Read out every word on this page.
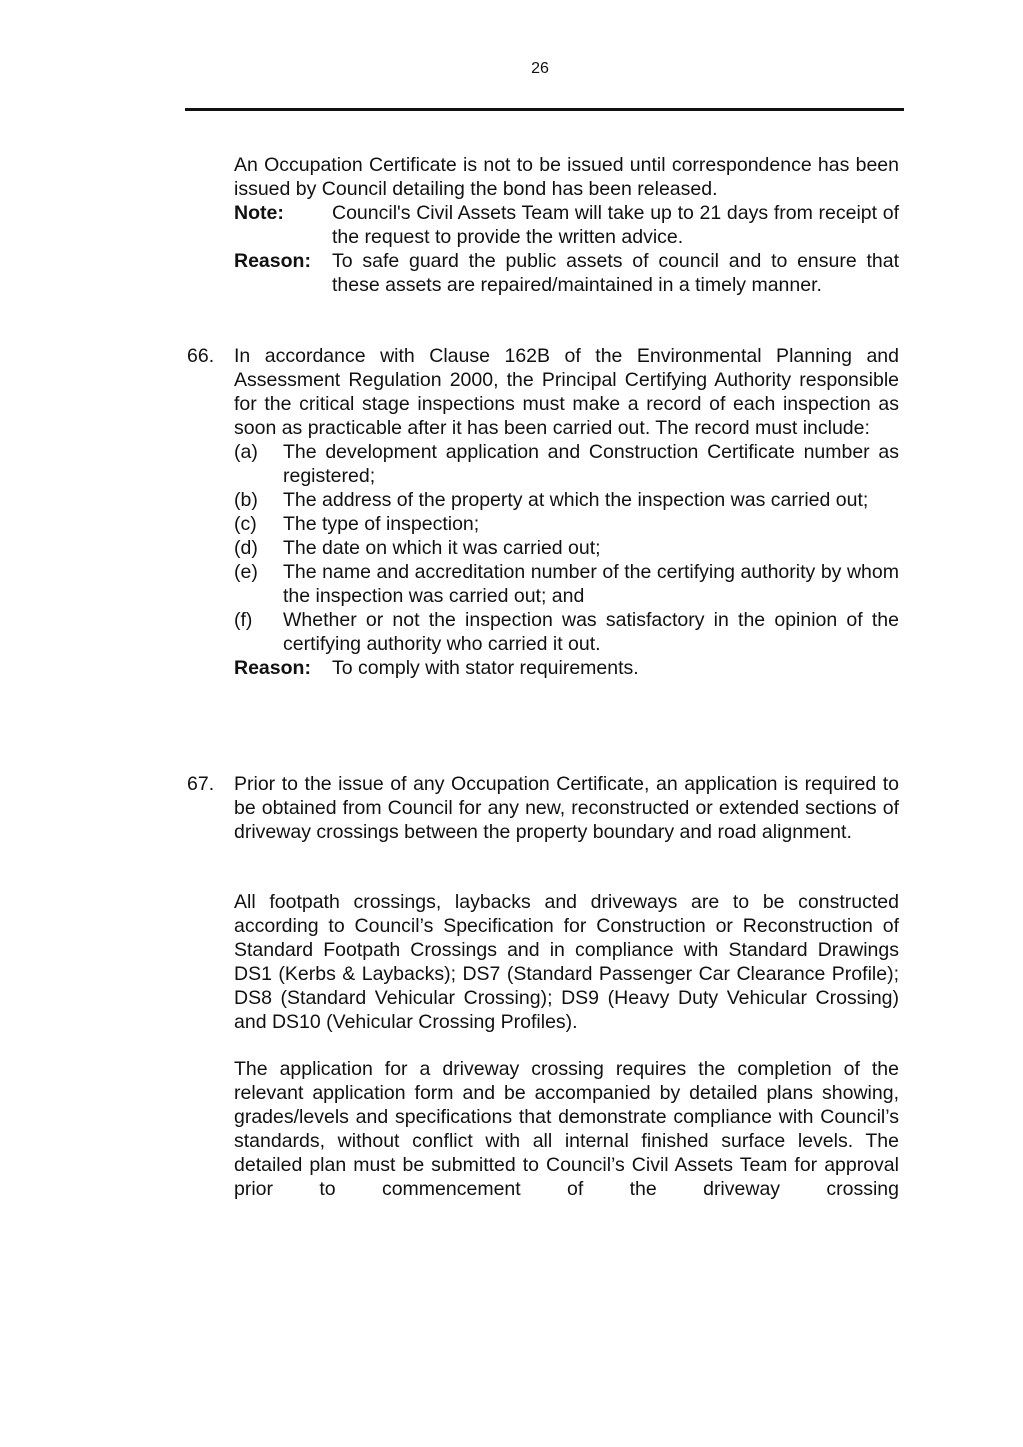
26

An Occupation Certificate is not to be issued until correspondence has been issued by Council detailing the bond has been released.

Note:	Council's Civil Assets Team will take up to 21 days from receipt of the request to provide the written advice.
Reason:	To safe guard the public assets of council and to ensure that these assets are repaired/maintained in a timely manner.
66. In accordance with Clause 162B of the Environmental Planning and Assessment Regulation 2000, the Principal Certifying Authority responsible for the critical stage inspections must make a record of each inspection as soon as practicable after it has been carried out. The record must include:

(a)	The development application and Construction Certificate number as registered;
(b)	The address of the property at which the inspection was carried out;
(c)	The type of inspection;
(d)	The date on which it was carried out;
(e)	The name and accreditation number of the certifying authority by whom the inspection was carried out; and
(f)	Whether or not the inspection was satisfactory in the opinion of the certifying authority who carried it out.
Reason:	To comply with stator requirements.
67. Prior to the issue of any Occupation Certificate, an application is required to be obtained from Council for any new, reconstructed or extended sections of driveway crossings between the property boundary and road alignment.

All footpath crossings, laybacks and driveways are to be constructed according to Council’s Specification for Construction or Reconstruction of Standard Footpath Crossings and in compliance with Standard Drawings DS1 (Kerbs & Laybacks); DS7 (Standard Passenger Car Clearance Profile); DS8 (Standard Vehicular Crossing); DS9 (Heavy Duty Vehicular Crossing) and DS10 (Vehicular Crossing Profiles).

The application for a driveway crossing requires the completion of the relevant application form and be accompanied by detailed plans showing, grades/levels and specifications that demonstrate compliance with Council’s standards, without conflict with all internal finished surface levels. The detailed plan must be submitted to Council’s Civil Assets Team for approval prior to commencement of the driveway crossing
